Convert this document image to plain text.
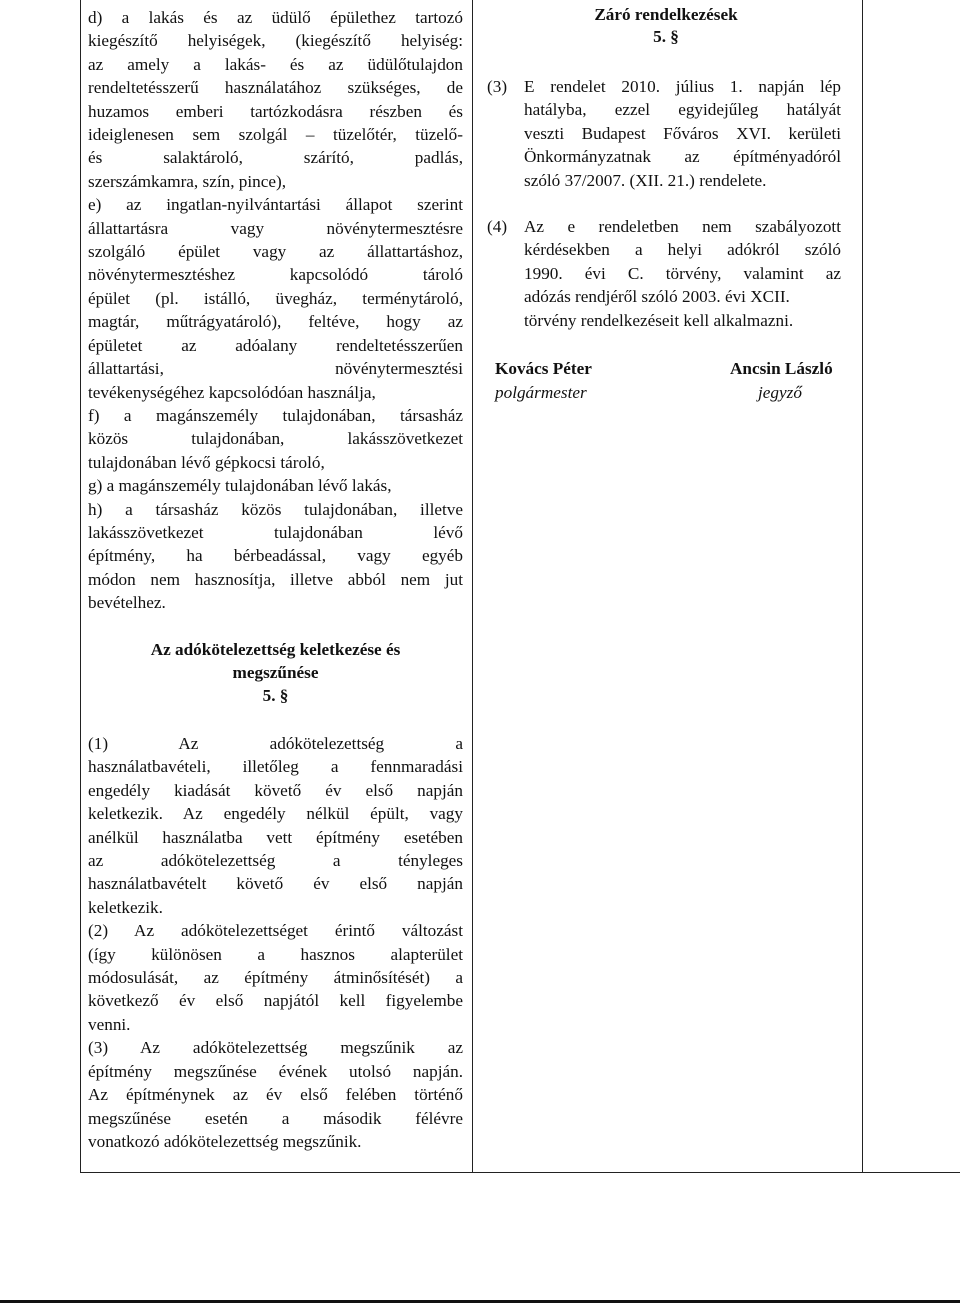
d) a lakás és az üdülő épülethez tartozó
kiegészítő helyiségek, (kiegészítő helyiség:
az amely a lakás- és az üdülőtulajdon
rendeltetésszerű használatához szükséges, de
huzamos emberi tartózkodásra részben és
ideiglenesen sem szolgál – tüzelőtér, tüzelő-
és salaktároló, szárító, padlás,
szerszámkamra, szín, pince),
e) az ingatlan-nyilvántartási állapot szerint
állattartásra vagy növénytermesztésre
szolgáló épület vagy az állattartáshoz,
növénytermesztéshez kapcsolódó tároló
épület (pl. istálló, üvegház, terménytároló,
magtár, műtrágyatároló), feltéve, hogy az
épületet az adóalany rendeltetésszerűen
állattartási, növénytermesztési
tevékenységéhez kapcsolódóan használja,
f) a magánszemély tulajdonában, társasház
közös tulajdonában, lakásszövetkezet
tulajdonában lévő gépkocsi tároló,
g) a magánszemély tulajdonában lévő lakás,
h) a társasház közös tulajdonában, illetve
lakásszövetkezet tulajdonában lévő
építmény, ha bérbeadással, vagy egyéb
módon nem hasznosítja, illetve abból nem jut
bevételhez.
Az adókötelezettség keletkezése és
megszűnése
5. §
(1) Az adókötelezettség a
használatbavételi, illetőleg a fennmaradási
engedély kiadását követő év első napján
keletkezik. Az engedély nélkül épült, vagy
anélkül használatba vett építmény esetében
az adókötelezettség a tényleges
használatbavételt követő év első napján
keletkezik.
(2) Az adókötelezettséget érintő változást
(így különösen a hasznos alapterület
módosulását, az építmény átminősítését) a
következő év első napjától kell figyelembe
venni.
(3) Az adókötelezettség megszűnik az
építmény megszűnése évének utolsó napján.
Az építménynek az év első felében történő
megszűnése esetén a második félévre
vonatkozó adókötelezettség megszűnik.
Záró rendelkezések
5. §
(3) E rendelet 2010. július 1. napján lép
hatályba, ezzel egyidejűleg hatályát
veszti Budapest Főváros XVI. kerületi
Önkormányzatnak az építményadóról
szóló 37/2007. (XII. 21.) rendelete.
(4) Az e rendeletben nem szabályozott
kérdésekben a helyi adókról szóló
1990. évi C. törvény, valamint az
adózás rendjéről szóló 2003. évi XCII.
törvény rendelkezéseit kell alkalmazni.
Kovács Péter
polgármester
Ancsin László
jegyző
